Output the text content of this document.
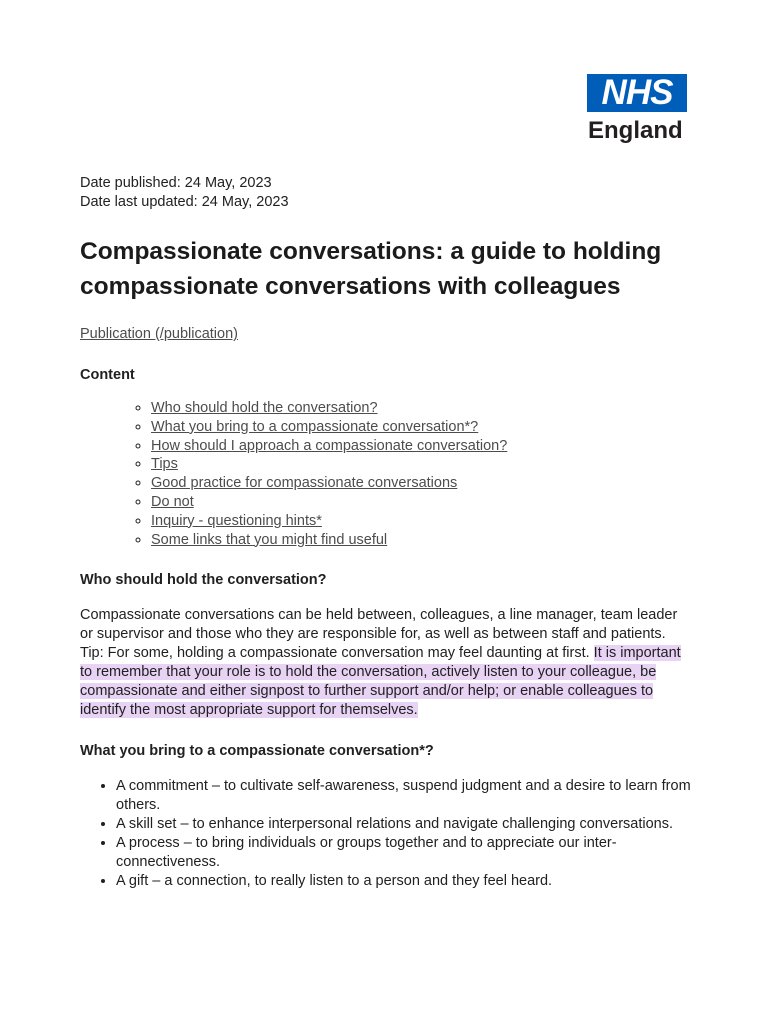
NHS
England
Date published: 24 May, 2023
Date last updated: 24 May, 2023
Compassionate conversations: a guide to holding compassionate conversations with colleagues
Publication (/publication)
Content
◦ Who should hold the conversation?
◦ What you bring to a compassionate conversation*?
◦ How should I approach a compassionate conversation?
◦ Tips
◦ Good practice for compassionate conversations
◦ Do not
◦ Inquiry - questioning hints*
◦ Some links that you might find useful
Who should hold the conversation?

Compassionate conversations can be held between, colleagues, a line manager, team leader or supervisor and those who they are responsible for, as well as between staff and patients. Tip: For some, holding a compassionate conversation may feel daunting at first. It is important to remember that your role is to hold the conversation, actively listen to your colleague, be compassionate and either signpost to further support and/or help; or enable colleagues to identify the most appropriate support for themselves.

What you bring to a compassionate conversation*?
• A commitment – to cultivate self-awareness, suspend judgment and a desire to learn from others.
• A skill set – to enhance interpersonal relations and navigate challenging conversations.
• A process – to bring individuals or groups together and to appreciate our inter-connectiveness.
• A gift – a connection, to really listen to a person and they feel heard.
